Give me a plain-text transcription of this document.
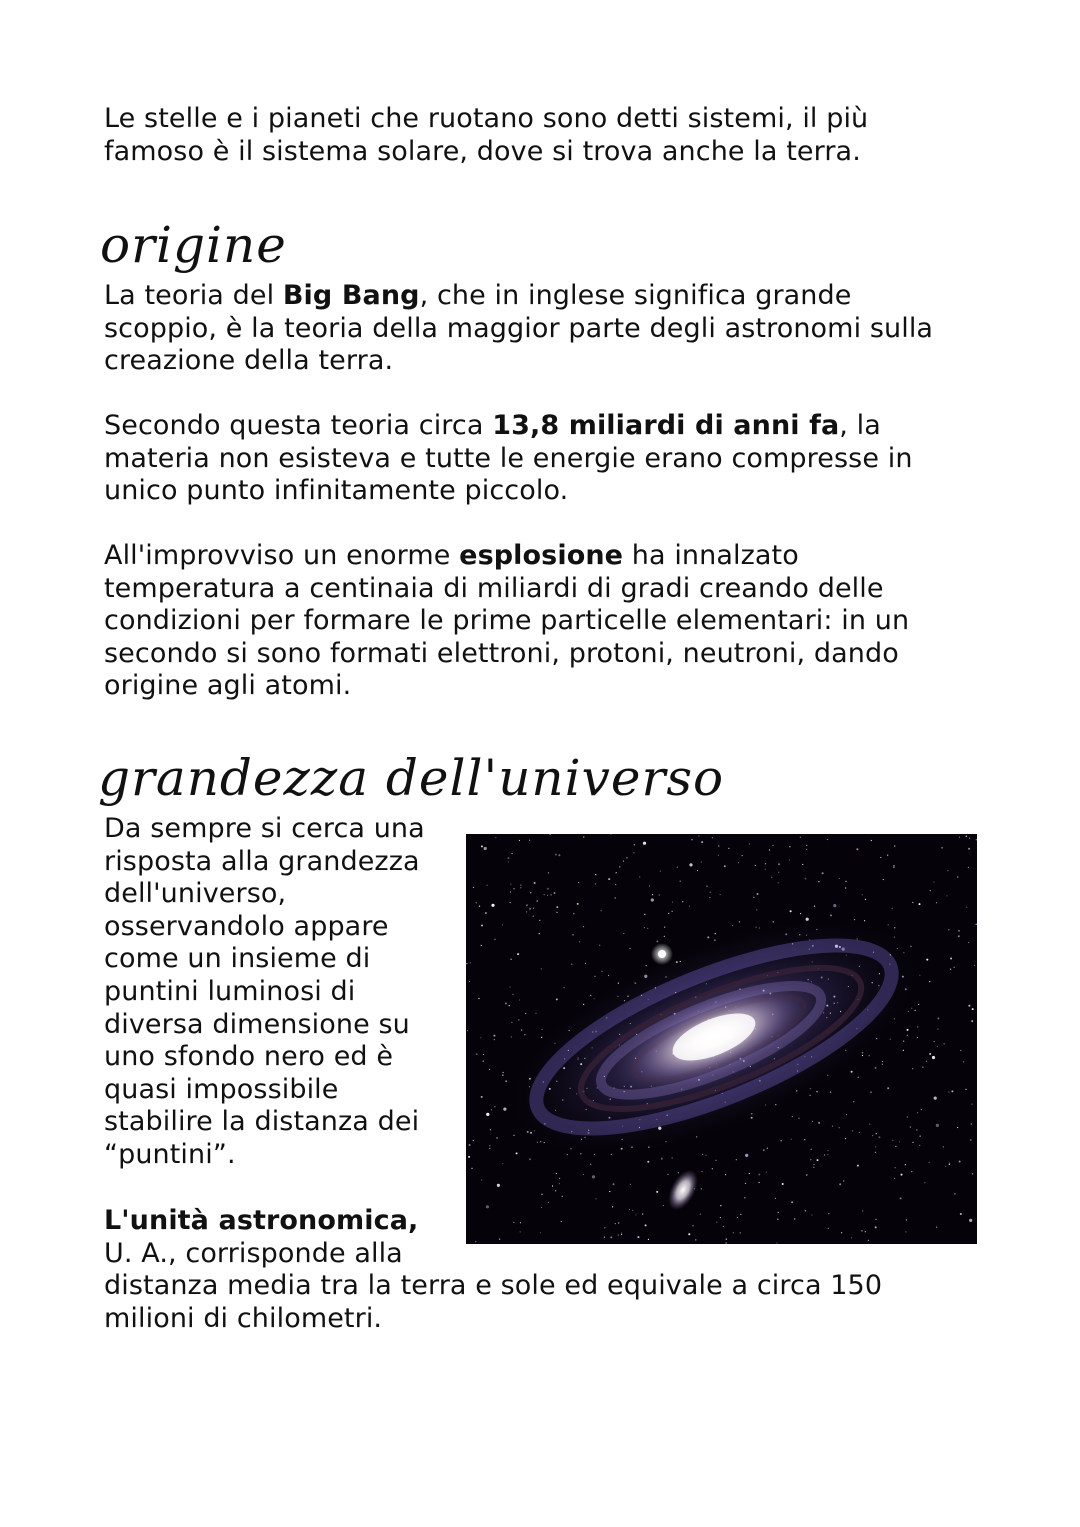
Le stelle e i pianeti che ruotano sono detti sistemi, il più
famoso è il sistema solare, dove si trova anche la terra.

origine

La teoria del Big Bang, che in inglese significa grande
scoppio, è la teoria della maggior parte degli astronomi sulla
creazione della terra.

Secondo questa teoria circa 13,8 miliardi di anni fa, la
materia non esisteva e tutte le energie erano compresse in
unico punto infinitamente piccolo.

All'improvviso un enorme esplosione ha innalzato
temperatura a centinaia di miliardi di gradi creando delle
condizioni per formare le prime particelle elementari: in un
secondo si sono formati elettroni, protoni, neutroni, dando
origine agli atomi.

grandezza dell'universo

Da sempre si cerca una
risposta alla grandezza
dell'universo,
osservandolo appare
come un insieme di
puntini luminosi di
diversa dimensione su
uno sfondo nero ed è
quasi impossibile
stabilire la distanza dei
“puntini”.

L'unità astronomica,
U. A., corrisponde alla
distanza media tra la terra e sole ed equivale a circa 150
milioni di chilometri.
